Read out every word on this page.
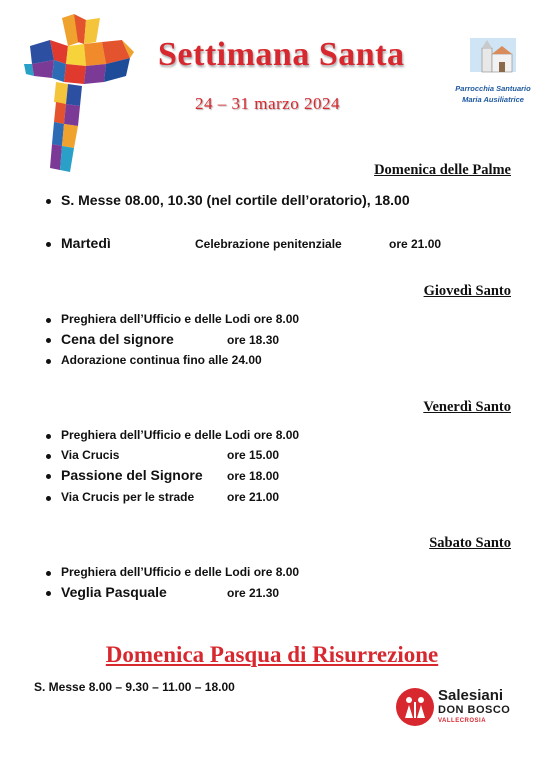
Settimana Santa
24 – 31 marzo 2024
Parrocchia Santuario
Maria Ausiliatrice
Domenica delle Palme
S. Messe 08.00, 10.30 (nel cortile dell’oratorio), 18.00
Martedì	Celebrazione penitenziale	ore 21.00
Giovedì Santo
Preghiera dell’Ufficio e delle Lodi ore 8.00
Cena del signore	ore 18.30
Adorazione continua fino alle 24.00
Venerdì Santo
Preghiera dell’Ufficio e delle Lodi ore 8.00
Via Crucis	ore 15.00
Passione del Signore ore 18.00
Via Crucis per le strade	ore 21.00
Sabato Santo
Preghiera dell’Ufficio e delle Lodi ore 8.00
Veglia Pasquale	ore 21.30
Domenica Pasqua di Risurrezione
S. Messe 8.00 – 9.30 – 11.00 – 18.00	Salesiani
DON BOSCO
VALLECROSIA
